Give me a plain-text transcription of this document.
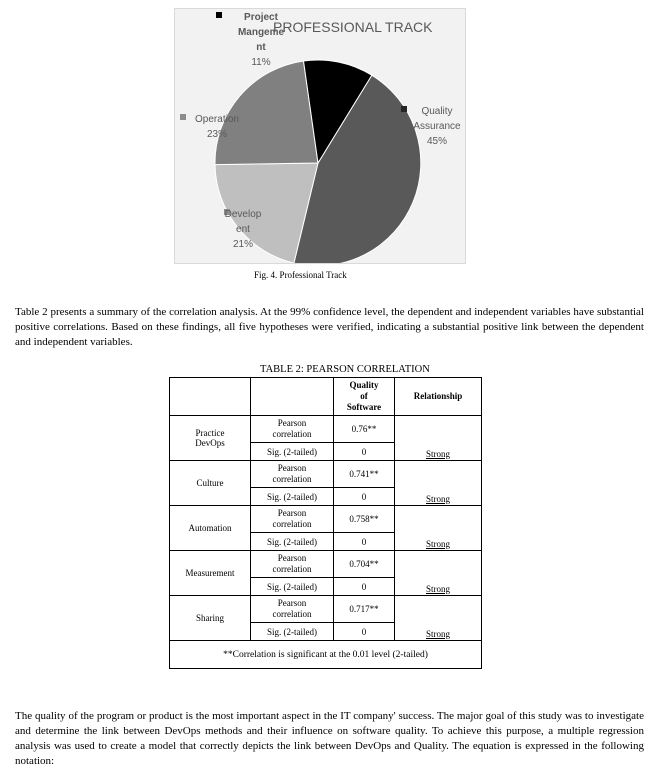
PROFESSIONAL TRACK
Quality
Assurance
45%
Develop
ent
21%
Operation
23%
Project
Mangeme
nt
11%
Fig. 4. Professional Track

Table 2 presents a summary of the correlation analysis. At the 99% confidence level, the dependent and independent variables have substantial positive correlations. Based on these findings, all five hypotheses were verified, indicating a substantial positive link between the dependent and independent variables.

TABLE 2: PEARSON CORRELATION
		Quality
of
Software	Relationship
Practice
DevOps	Pearson
correlation	0.76**	Strong
	Sig. (2-tailed)	0	
Culture	Pearson
correlation	0.741**	Strong
	Sig. (2-tailed)	0	
Automation	Pearson
correlation	0.758**	Strong
	Sig. (2-tailed)	0	
Measurement	Pearson
correlation	0.704**	Strong
	Sig. (2-tailed)	0	
Sharing	Pearson
correlation	0.717**	Strong
	Sig. (2-tailed)	0	
**Correlation is significant at the 0.01 level (2-tailed)			

The quality of the program or product is the most important aspect in the IT company' success. The major goal of this study was to investigate and determine the link between DevOps methods and their influence on software quality. To achieve this purpose, a multiple regression analysis was used to create a model that correctly depicts the link between DevOps and Quality. The equation is expressed in the following notation:
